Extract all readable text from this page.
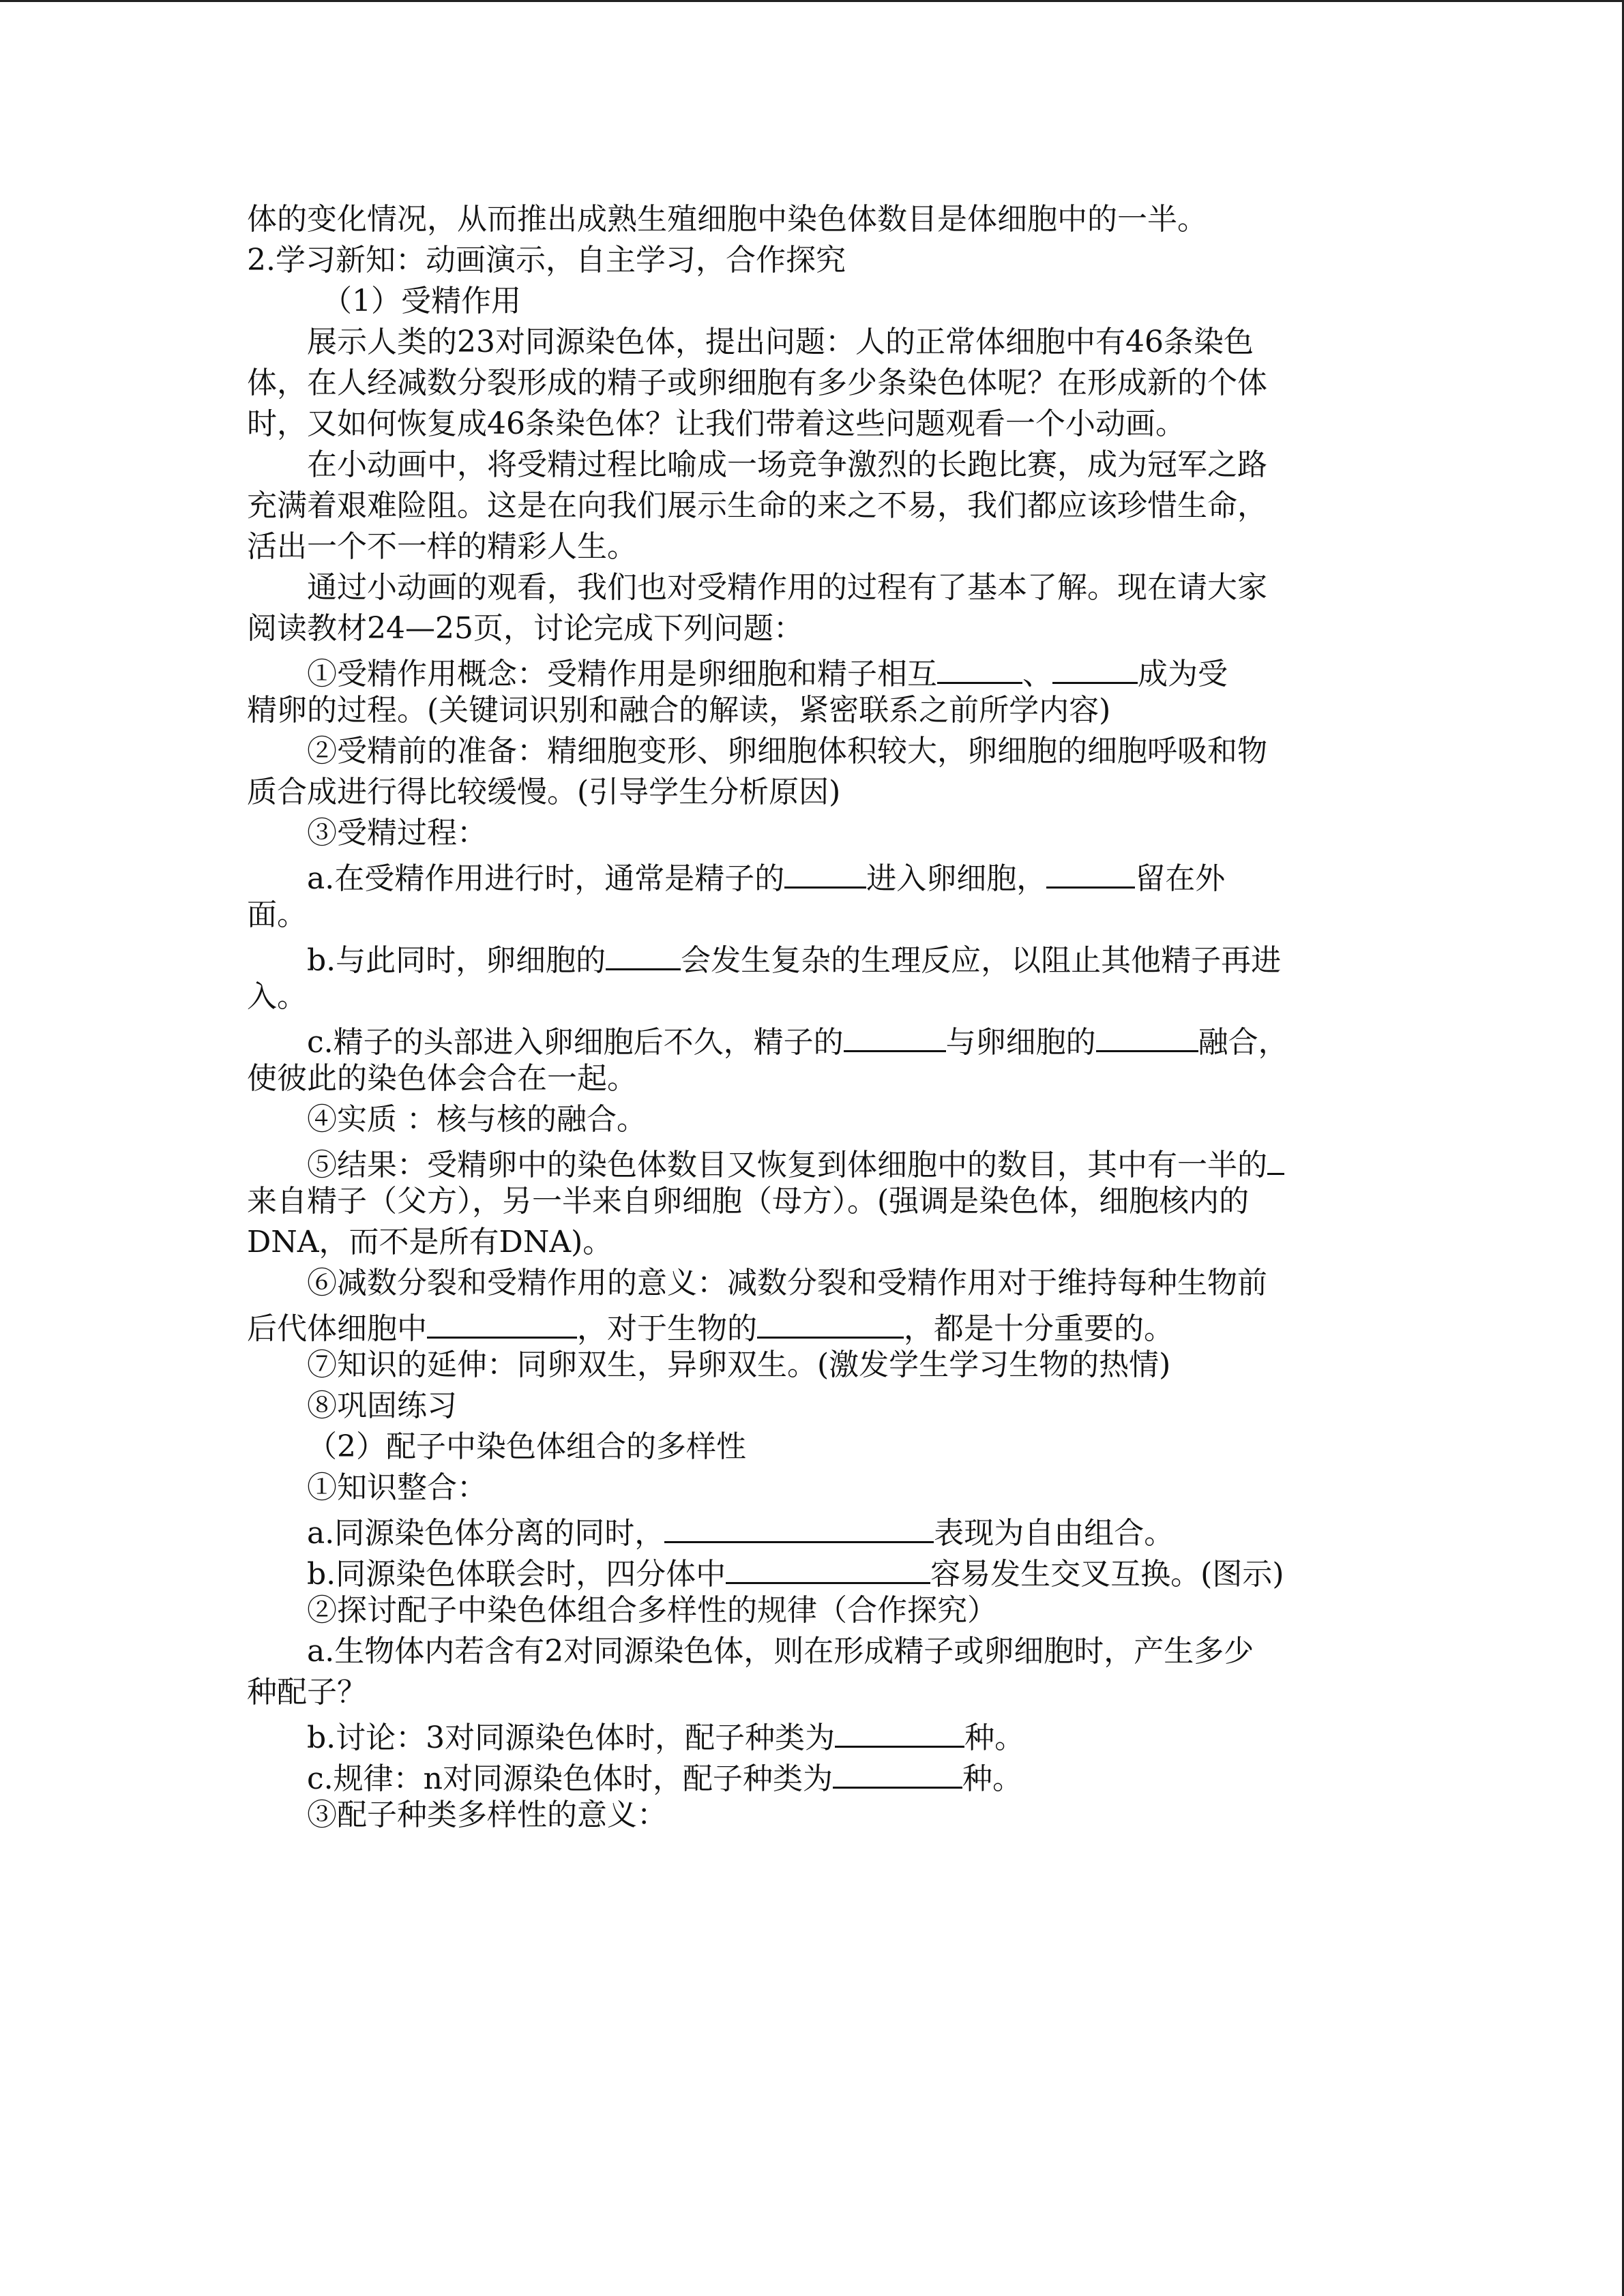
体的变化情况，从而推出成熟生殖细胞中染色体数目是体细胞中的一半。
2.学习新知：动画演示，自主学习，合作探究
（1）受精作用
展示人类的23对同源染色体，提出问题：人的正常体细胞中有46条染色
体，在人经减数分裂形成的精子或卵细胞有多少条染色体呢？在形成新的个体
时，又如何恢复成46条染色体？让我们带着这些问题观看一个小动画。
在小动画中，将受精过程比喻成一场竞争激烈的长跑比赛，成为冠军之路
充满着艰难险阻。这是在向我们展示生命的来之不易，我们都应该珍惜生命，
活出一个不一样的精彩人生。
通过小动画的观看，我们也对受精作用的过程有了基本了解。现在请大家
阅读教材24—25页，讨论完成下列问题：
①受精作用概念：受精作用是卵细胞和精子相互	、	成为受
精卵的过程。(关键词识别和融合的解读，紧密联系之前所学内容)
②受精前的准备：精细胞变形、卵细胞体积较大，卵细胞的细胞呼吸和物
质合成进行得比较缓慢。(引导学生分析原因)
③受精过程：
a.在受精作用进行时，通常是精子的	进入卵细胞，	留在外
面。
b.与此同时，卵细胞的	会发生复杂的生理反应，以阻止其他精子再进
入。
c.精子的头部进入卵细胞后不久，精子的	与卵细胞的	融合，
使彼此的染色体会合在一起。
④实质 ：核与核的融合。
⑤结果：受精卵中的染色体数目又恢复到体细胞中的数目，其中有一半的
来自精子（父方），另一半来自卵细胞（母方）。(强调是染色体，细胞核内的
DNA，而不是所有DNA)。
⑥减数分裂和受精作用的意义：减数分裂和受精作用对于维持每种生物前
后代体细胞中	，对于生物的	，都是十分重要的。
⑦知识的延伸：同卵双生，异卵双生。(激发学生学习生物的热情)
⑧巩固练习
（2）配子中染色体组合的多样性
①知识整合：
a.同源染色体分离的同时，	表现为自由组合。
b.同源染色体联会时，四分体中	容易发生交叉互换。(图示)
②探讨配子中染色体组合多样性的规律（合作探究）
a.生物体内若含有2对同源染色体，则在形成精子或卵细胞时，产生多少
种配子？
b.讨论：3对同源染色体时，配子种类为	种。
c.规律：n对同源染色体时，配子种类为	种。
③配子种类多样性的意义：
